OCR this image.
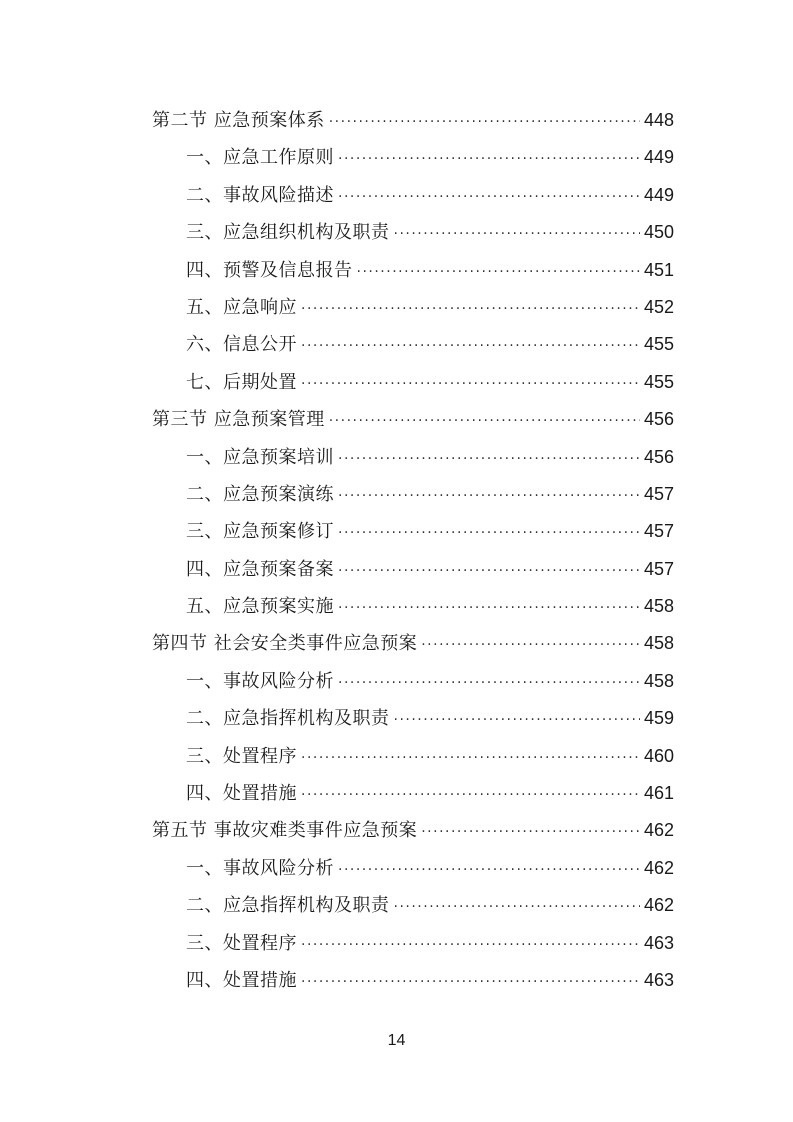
第二节 应急预案体系 ·····	448
一、应急工作原则 ·····	449
二、事故风险描述 ·····	449
三、应急组织机构及职责 ·····	450
四、预警及信息报告 ·····	451
五、应急响应 ·····	452
六、信息公开 ·····	455
七、后期处置 ·····	455
第三节 应急预案管理 ·····	456
一、应急预案培训 ·····	456
二、应急预案演练 ·····	457
三、应急预案修订 ·····	457
四、应急预案备案 ·····	457
五、应急预案实施 ·····	458
第四节 社会安全类事件应急预案 ·····	458
一、事故风险分析 ·····	458
二、应急指挥机构及职责 ·····	459
三、处置程序 ·····	460
四、处置措施 ·····	461
第五节 事故灾难类事件应急预案 ·····	462
一、事故风险分析 ·····	462
二、应急指挥机构及职责 ·····	462
三、处置程序 ·····	463
四、处置措施 ·····	463
14
